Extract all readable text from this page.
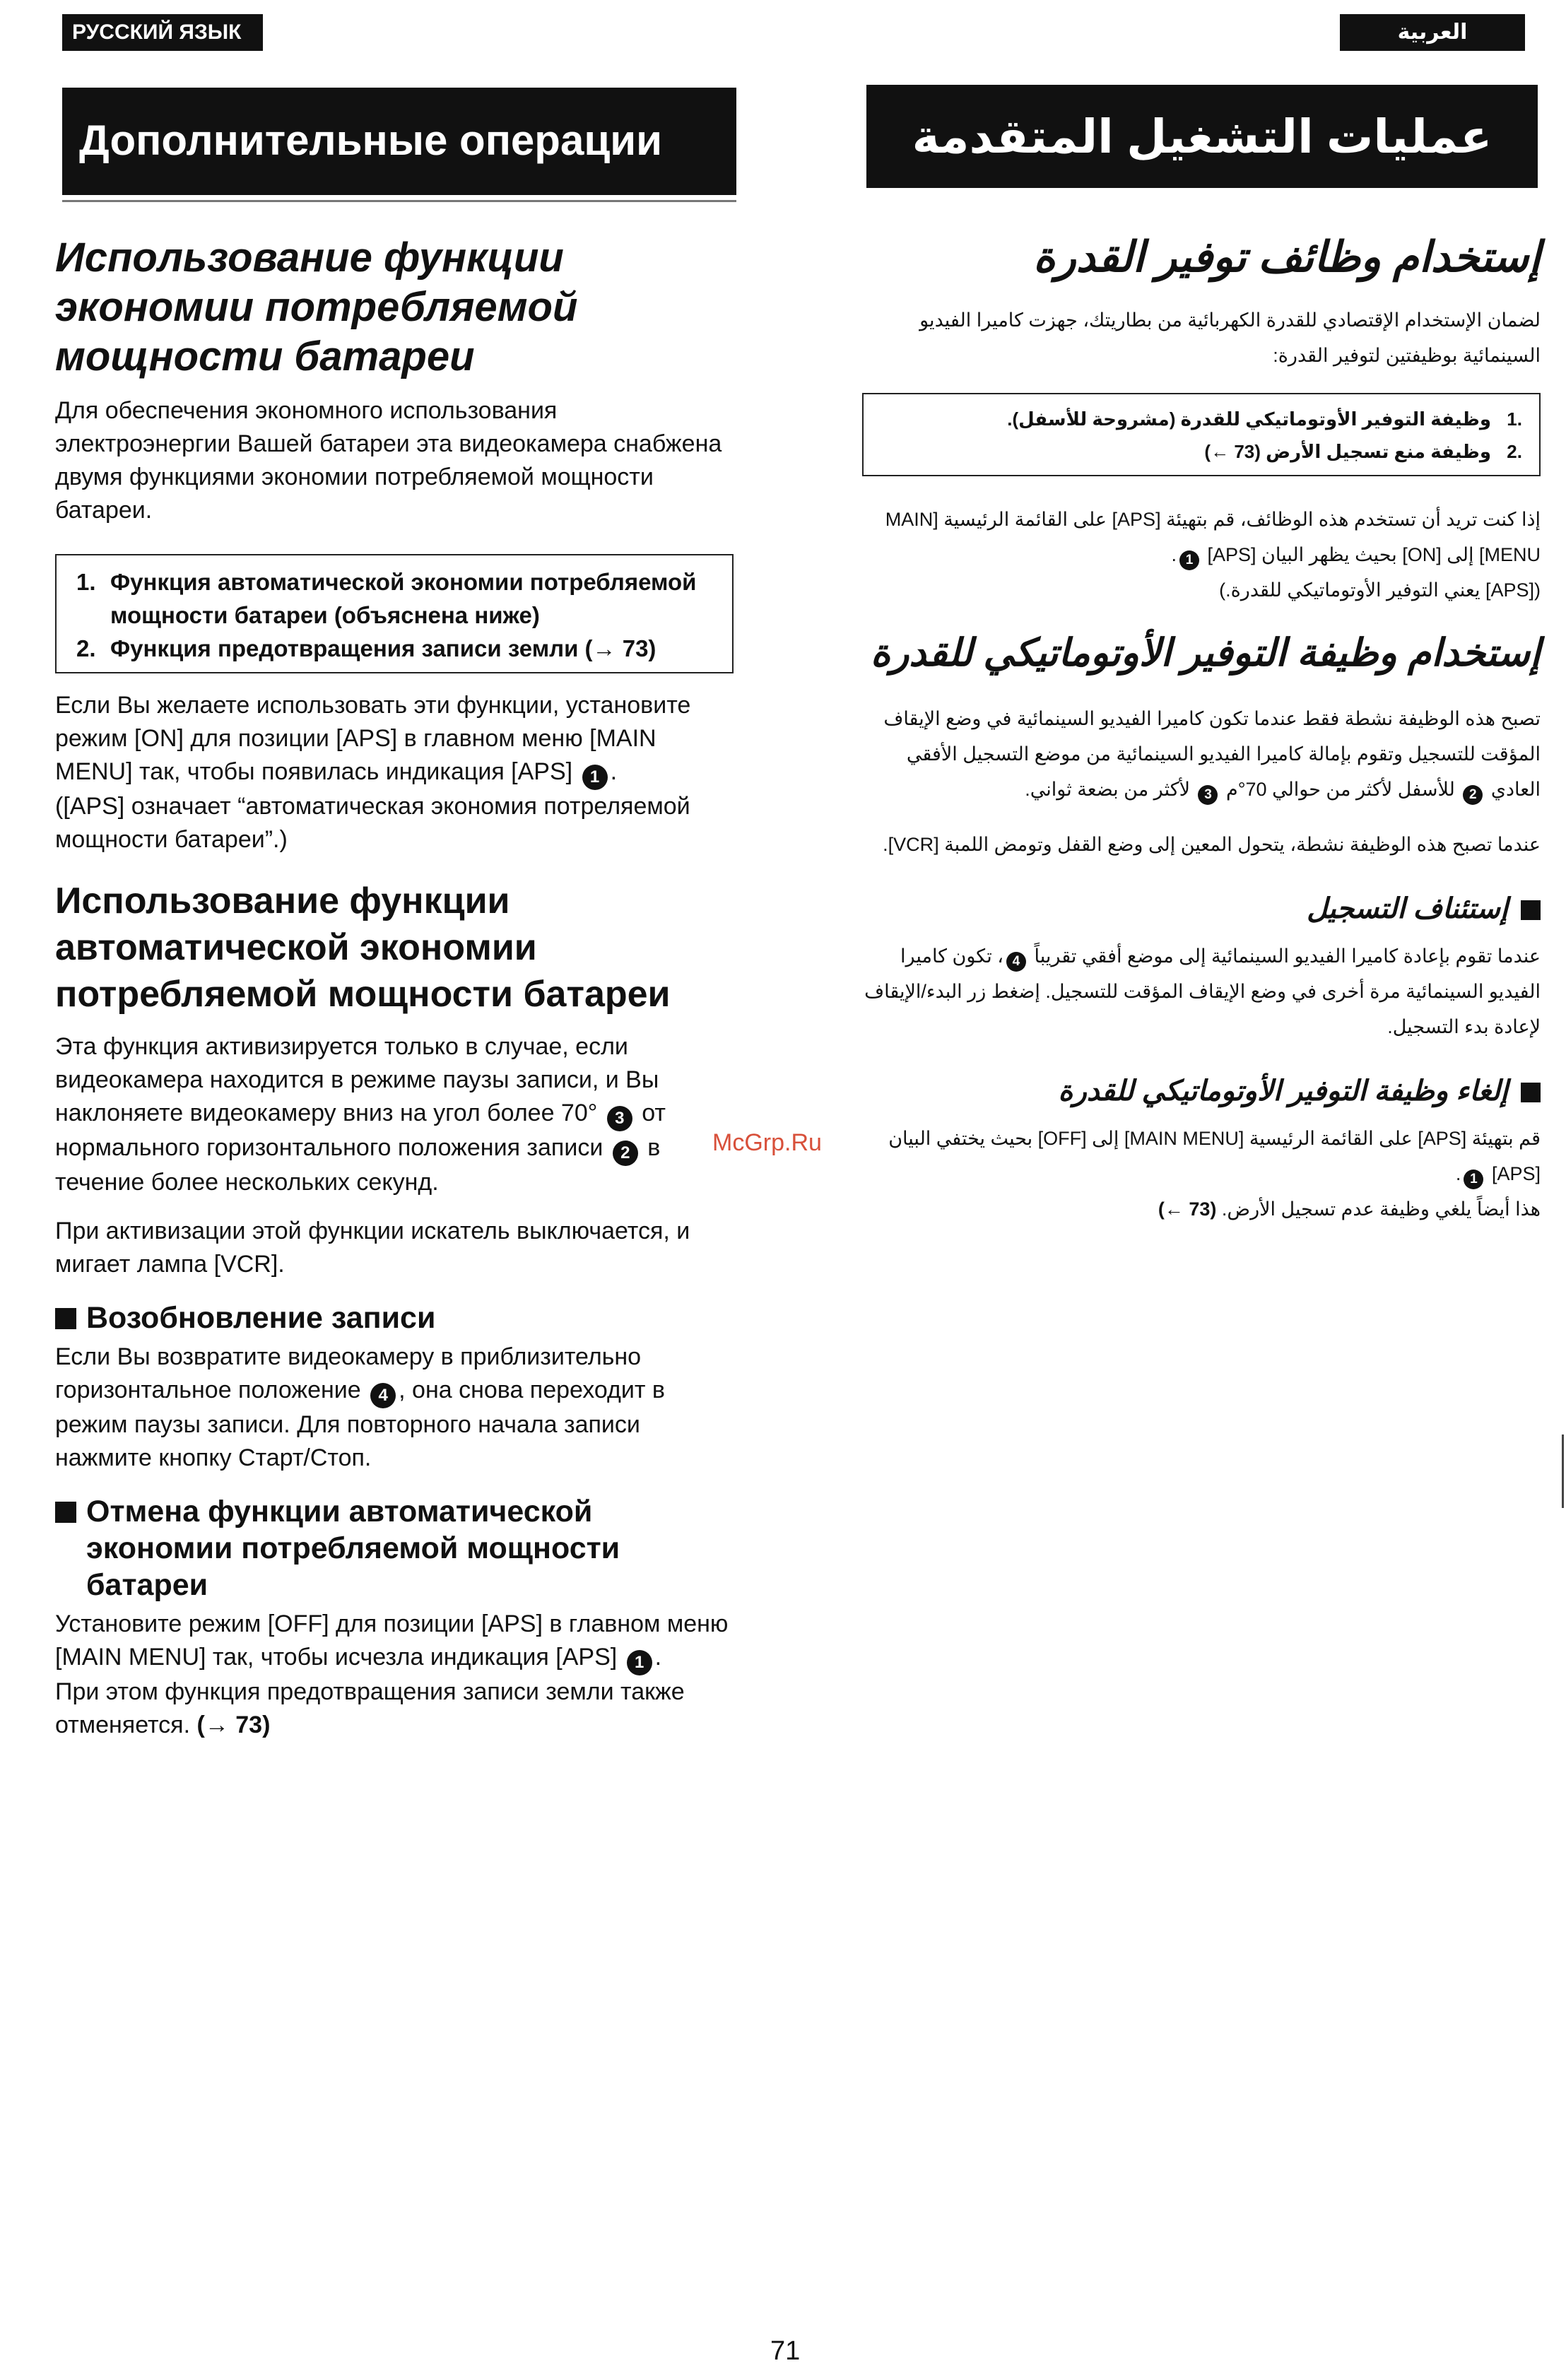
РУССКИЙ ЯЗЫК	العربية
Дополнительные операции	عمليات التشغيل المتقدمة
Использование функции экономии потребляемой мощности батареи
Для обеспечения экономного использования электроэнергии Вашей батареи эта видеокамера снабжена двумя функциями экономии потребляемой мощности батареи.
1. Функция автоматической экономии потребляемой мощности батареи (объяснена ниже)
2. Функция предотвращения записи земли (→ 73)
Если Вы желаете использовать эти функции, установите режим [ON] для позиции [APS] в главном меню [MAIN MENU] так, чтобы появилась индикация [APS] 1 .
([APS] означает “автоматическая экономия потреляемой мощности батареи”.)
Использование функции автоматической экономии потребляемой мощности батареи
Эта функция активизируется только в случае, если видеокамера находится в режиме паузы записи, и Вы наклоняете видеокамеру вниз на угол более 70° 3 от нормального горизонтального положения записи 2 в течение более нескольких секунд.
При активизации этой функции искатель выключается, и мигает лампа [VCR].
Возобновление записи
Если Вы возвратите видеокамеру в приблизительно горизонтальное положение 4 , она снова переходит в режим паузы записи. Для повторного начала записи нажмите кнопку Старт/Стоп.
Отмена функции автоматической экономии потребляемой мощности батареи
Установите режим [OFF] для позиции [APS] в главном меню [MAIN MENU] так, чтобы исчезла индикация [APS] 1 .
При этом функция предотвращения записи земли также отменяется. (→ 73)
إستخدام وظائف توفير القدرة
لضمان الإستخدام الإقتصادي للقدرة الكهربائية من بطاريتك، جهزت كاميرا الفيديو السينمائية بوظيفتين لتوفير القدرة:
.1
وظيفة التوفير الأوتوماتيكي للقدرة (مشروحة للأسفل).
.2
وظيفة منع تسجيل الأرض (73 ←)
إذا كنت تريد أن تستخدم هذه الوظائف، قم بتهيئة [APS] على القائمة الرئيسية [MAIN MENU] إلى [ON] بحيث يظهر البيان [APS] 1.
([APS] يعني التوفير الأوتوماتيكي للقدرة.)
إستخدام وظيفة التوفير الأوتوماتيكي للقدرة
تصبح هذه الوظيفة نشطة فقط عندما تكون كاميرا الفيديو السينمائية في وضع الإيقاف المؤقت للتسجيل وتقوم بإمالة كاميرا الفيديو السينمائية من موضع التسجيل الأفقي العادي 2 للأسفل لأكثر من حوالي 70°م 3 لأكثر من بضعة ثواني.
عندما تصبح هذه الوظيفة نشطة، يتحول المعين إلى وضع القفل وتومض اللمبة [VCR].
إستئناف التسجيل
عندما تقوم بإعادة كاميرا الفيديو السينمائية إلى موضع أفقي تقريباً 4، تكون كاميرا الفيديو السينمائية مرة أخرى في وضع الإيقاف المؤقت للتسجيل. إضغط زر البدء/الإيقاف لإعادة بدء التسجيل.
إلغاء وظيفة التوفير الأوتوماتيكي للقدرة
قم بتهيئة [APS] على القائمة الرئيسية [MAIN MENU] إلى [OFF] بحيث يختفي البيان [APS] 1.
هذا أيضاً يلغي وظيفة عدم تسجيل الأرض. (73 ←)
McGrp.Ru
71
